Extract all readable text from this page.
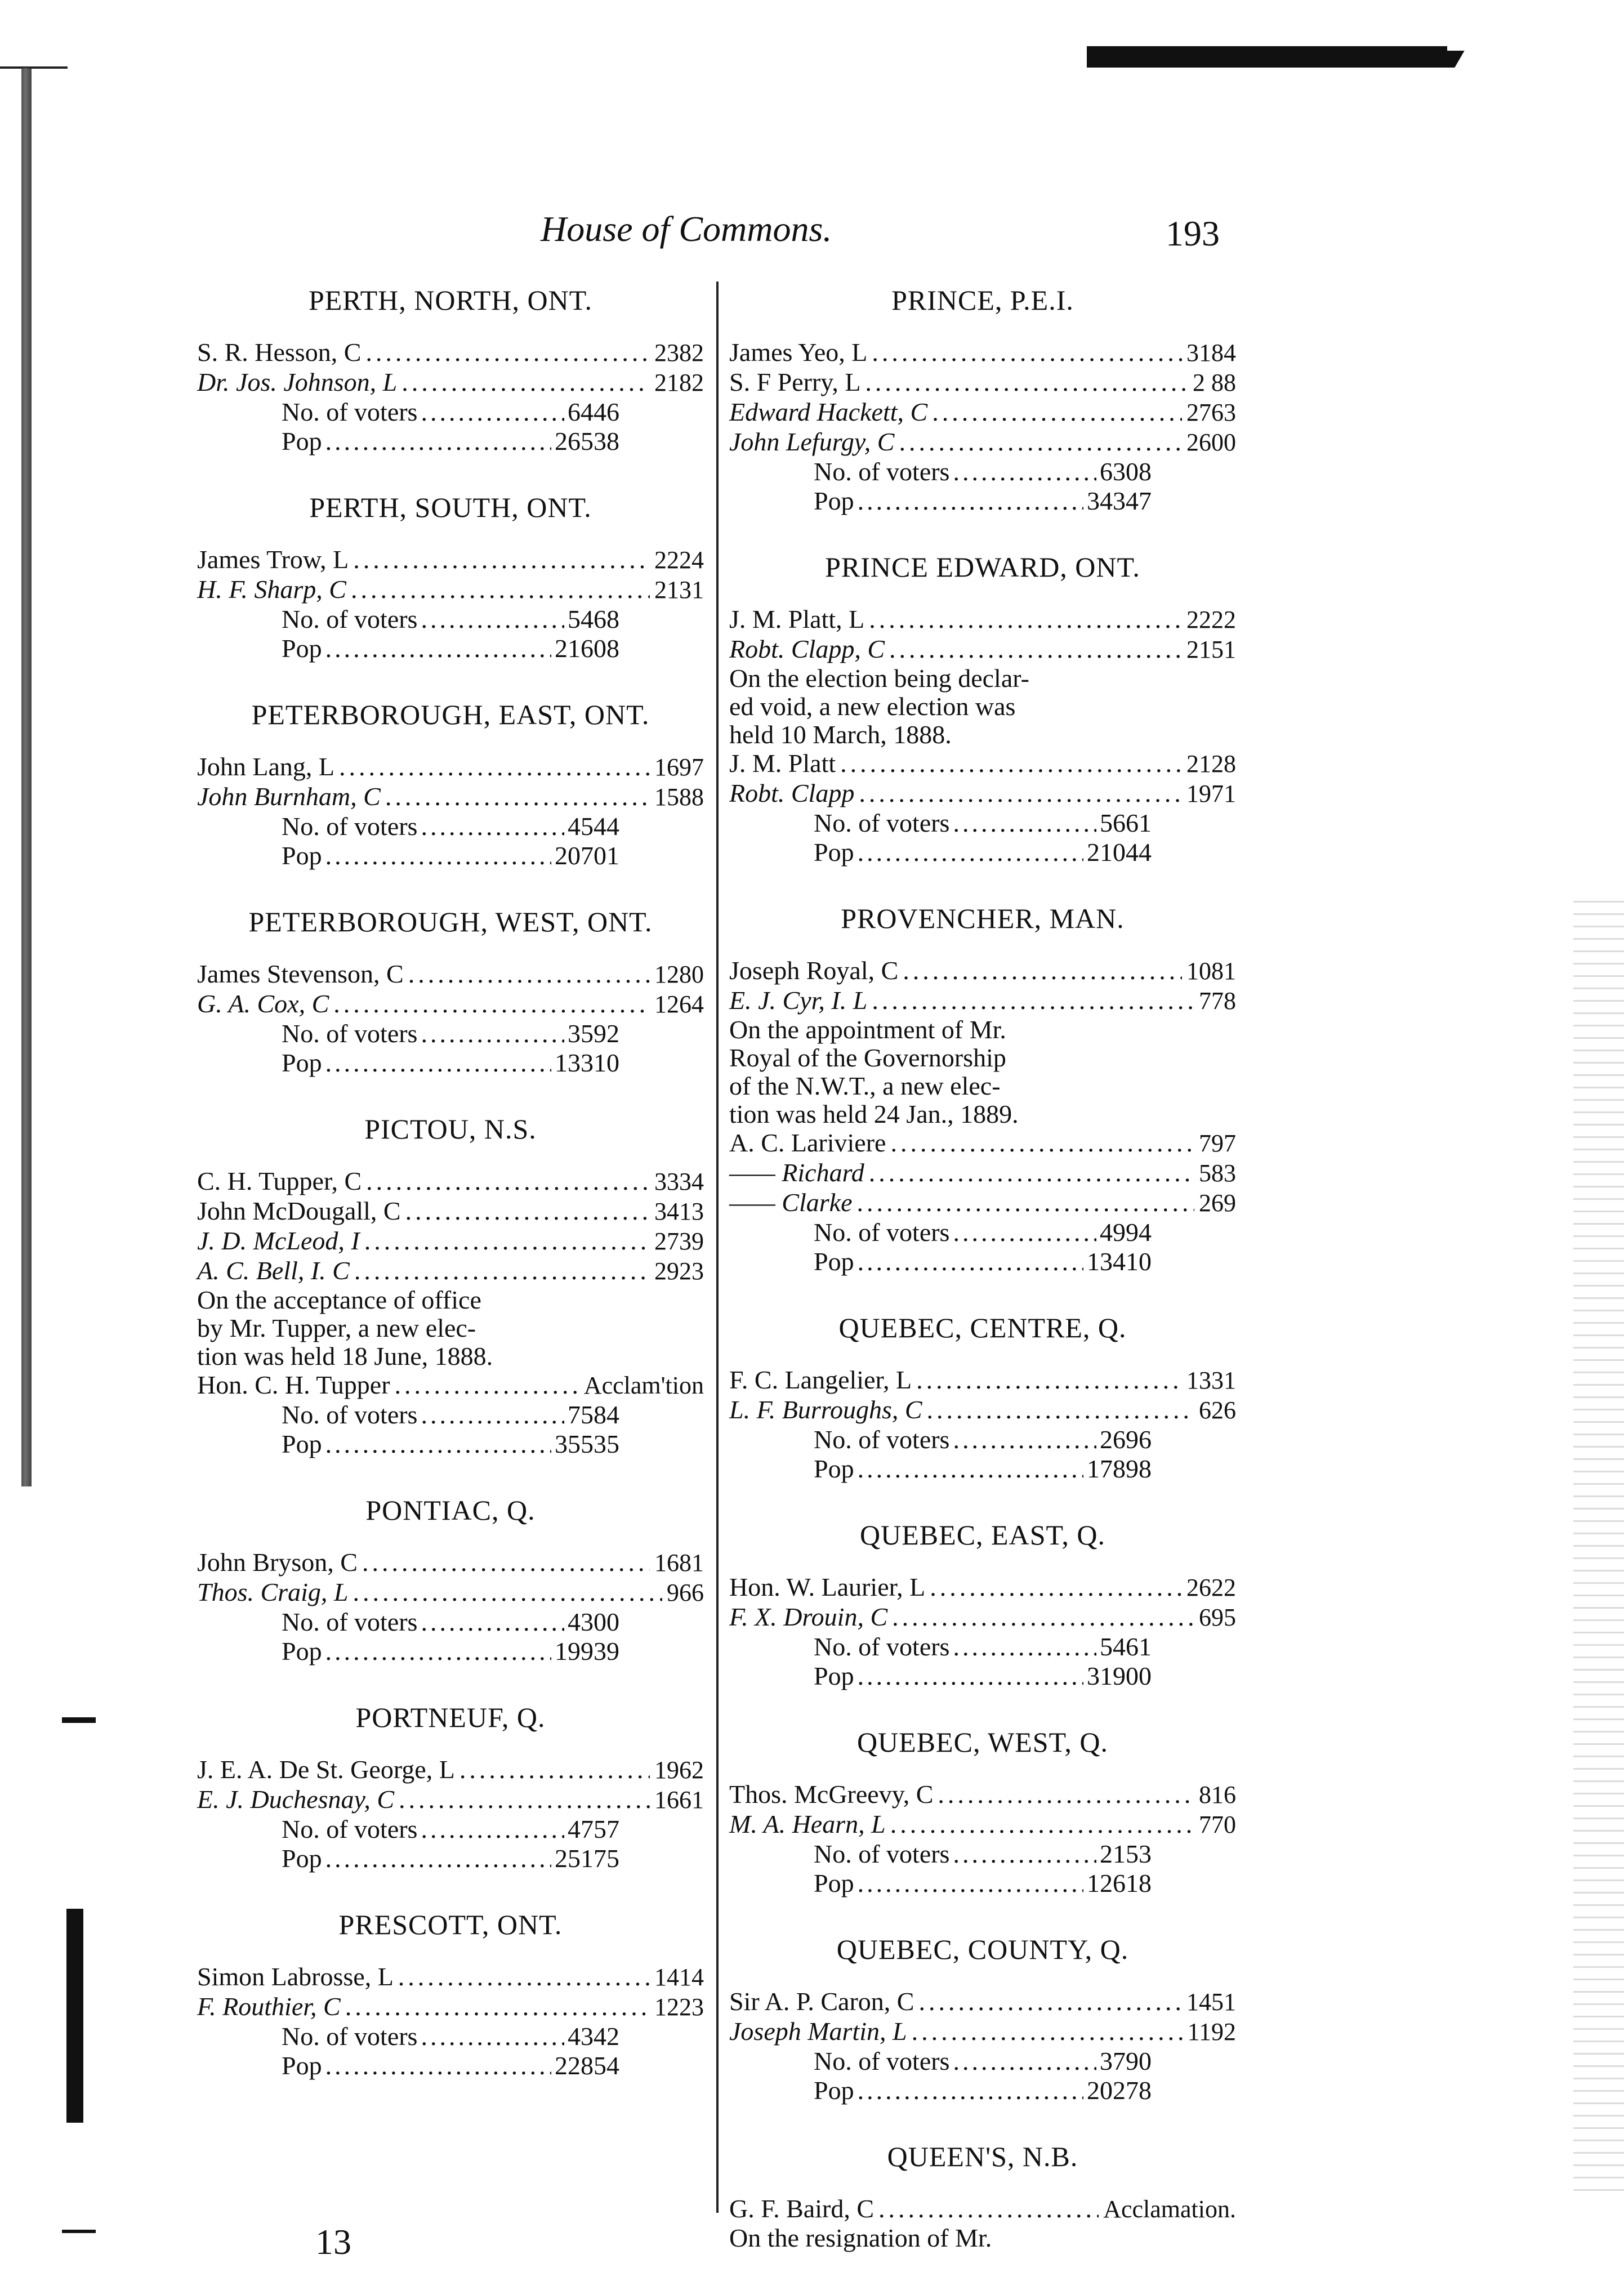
House of Commons.	193
PERTH, NORTH, ONT.
S. R. Hesson, C .....	2382
Dr. Jos. Johnson, L .....	2182
No. of voters .....	6446
Pop .....	26538
PERTH, SOUTH, ONT.
James Trow, L .....	2224
H. F. Sharp, C .....	2131
No. of voters .....	5468
Pop .....	21608
PETERBOROUGH, EAST, ONT.
John Lang, L .....	1697
John Burnham, C .....	1588
No. of voters .....	4544
Pop .....	20701
PETERBOROUGH, WEST, ONT.
James Stevenson, C .....	1280
G. A. Cox, C .....	1264
No. of voters .....	3592
Pop .....	13310
PICTOU, N.S.
C. H. Tupper, C .....	3334
John McDougall, C .....	3413
J. D. McLeod, I .....	2739
A. C. Bell, I. C .....	2923
On the acceptance of office
by Mr. Tupper, a new elec-
tion was held 18 June, 1888.
Hon. C. H. Tupper .....	Acclam'tion
No. of voters .....	7584
Pop .....	35535
PONTIAC, Q.
John Bryson, C .....	1681
Thos. Craig, L .....	966
No. of voters .....	4300
Pop .....	19939
PORTNEUF, Q.
J. E. A. De St. George, L .....	1962
E. J. Duchesnay, C .....	1661
No. of voters .....	4757
Pop .....	25175
PRESCOTT, ONT.
Simon Labrosse, L .....	1414
F. Routhier, C .....	1223
No. of voters .....	4342
Pop .....	22854
PRINCE, P.E.I.
James Yeo, L .....	3184
S. F Perry, L .....	2 88
Edward Hackett, C .....	2763
John Lefurgy, C .....	2600
No. of voters .....	6308
Pop .....	34347
PRINCE EDWARD, ONT.
J. M. Platt, L .....	2222
Robt. Clapp, C .....	2151
On the election being declar-
ed void, a new election was
held 10 March, 1888.
J. M. Platt .....	2128
Robt. Clapp .....	1971
No. of voters .....	5661
Pop .....	21044
PROVENCHER, MAN.
Joseph Royal, C .....	1081
E. J. Cyr, I. L .....	778
On the appointment of Mr.
Royal of the Governorship
of the N.W.T., a new elec-
tion was held 24 Jan., 1889.
A. C. Lariviere .....	797
—— Richard .....	583
—— Clarke .....	269
No. of voters .....	4994
Pop .....	13410
QUEBEC, CENTRE, Q.
F. C. Langelier, L .....	1331
L. F. Burroughs, C .....	626
No. of voters .....	2696
Pop .....	17898
QUEBEC, EAST, Q.
Hon. W. Laurier, L .....	2622
F. X. Drouin, C .....	695
No. of voters .....	5461
Pop .....	31900
QUEBEC, WEST, Q.
Thos. McGreevy, C .....	816
M. A. Hearn, L .....	770
No. of voters .....	2153
Pop .....	12618
QUEBEC, COUNTY, Q.
Sir A. P. Caron, C .....	1451
Joseph Martin, L .....	1192
No. of voters .....	3790
Pop .....	20278
QUEEN'S, N.B.
G. F. Baird, C .....	Acclamation.
On the resignation of Mr.
13
